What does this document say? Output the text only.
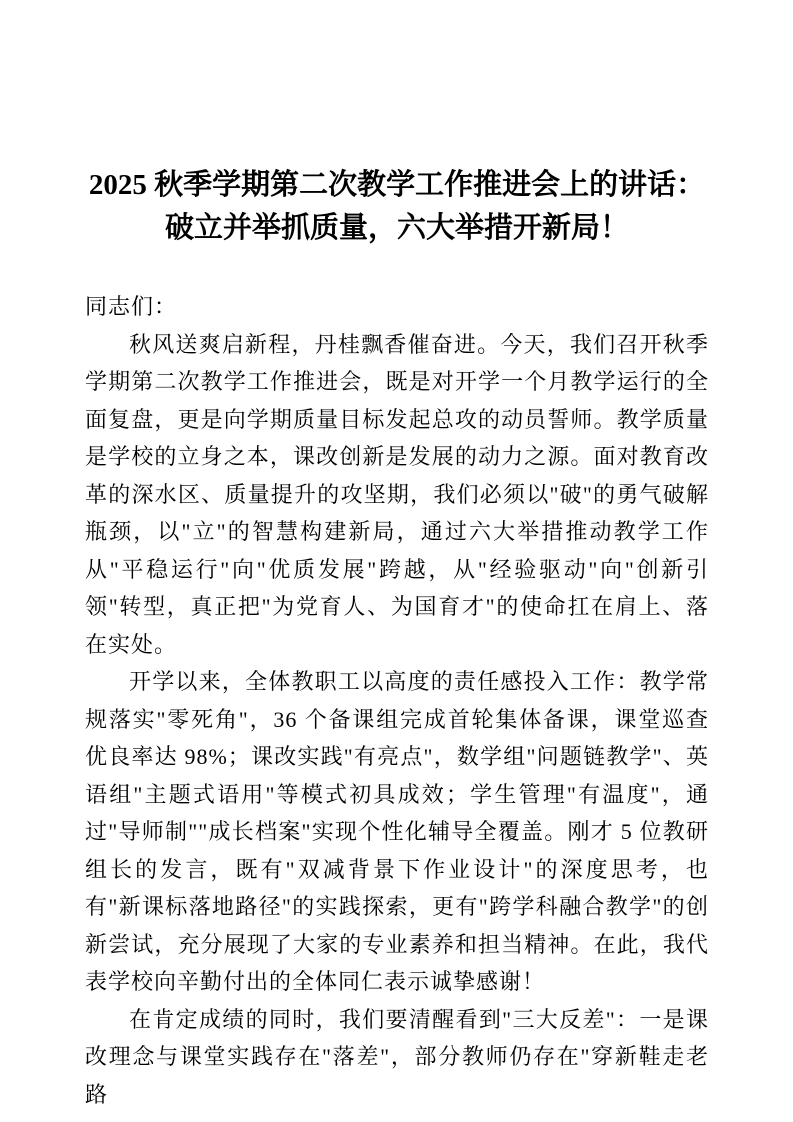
2025 秋季学期第二次教学工作推进会上的讲话：
破立并举抓质量，六大举措开新局！

同志们：

秋风送爽启新程，丹桂飘香催奋进。今天，我们召开秋季学期第二次教学工作推进会，既是对开学一个月教学运行的全面复盘，更是向学期质量目标发起总攻的动员誓师。教学质量是学校的立身之本，课改创新是发展的动力之源。面对教育改革的深水区、质量提升的攻坚期，我们必须以"破"的勇气破解瓶颈，以"立"的智慧构建新局，通过六大举措推动教学工作从"平稳运行"向"优质发展"跨越，从"经验驱动"向"创新引领"转型，真正把"为党育人、为国育才"的使命扛在肩上、落在实处。

开学以来，全体教职工以高度的责任感投入工作：教学常规落实"零死角"，36 个备课组完成首轮集体备课，课堂巡查优良率达 98%；课改实践"有亮点"，数学组"问题链教学"、英语组"主题式语用"等模式初具成效；学生管理"有温度"，通过"导师制""成长档案"实现个性化辅导全覆盖。刚才 5 位教研组长的发言，既有"双减背景下作业设计"的深度思考，也有"新课标落地路径"的实践探索，更有"跨学科融合教学"的创新尝试，充分展现了大家的专业素养和担当精神。在此，我代表学校向辛勤付出的全体同仁表示诚挚感谢！

在肯定成绩的同时，我们要清醒看到"三大反差"：一是课改理念与课堂实践存在"落差"，部分教师仍存在"穿新鞋走老路
